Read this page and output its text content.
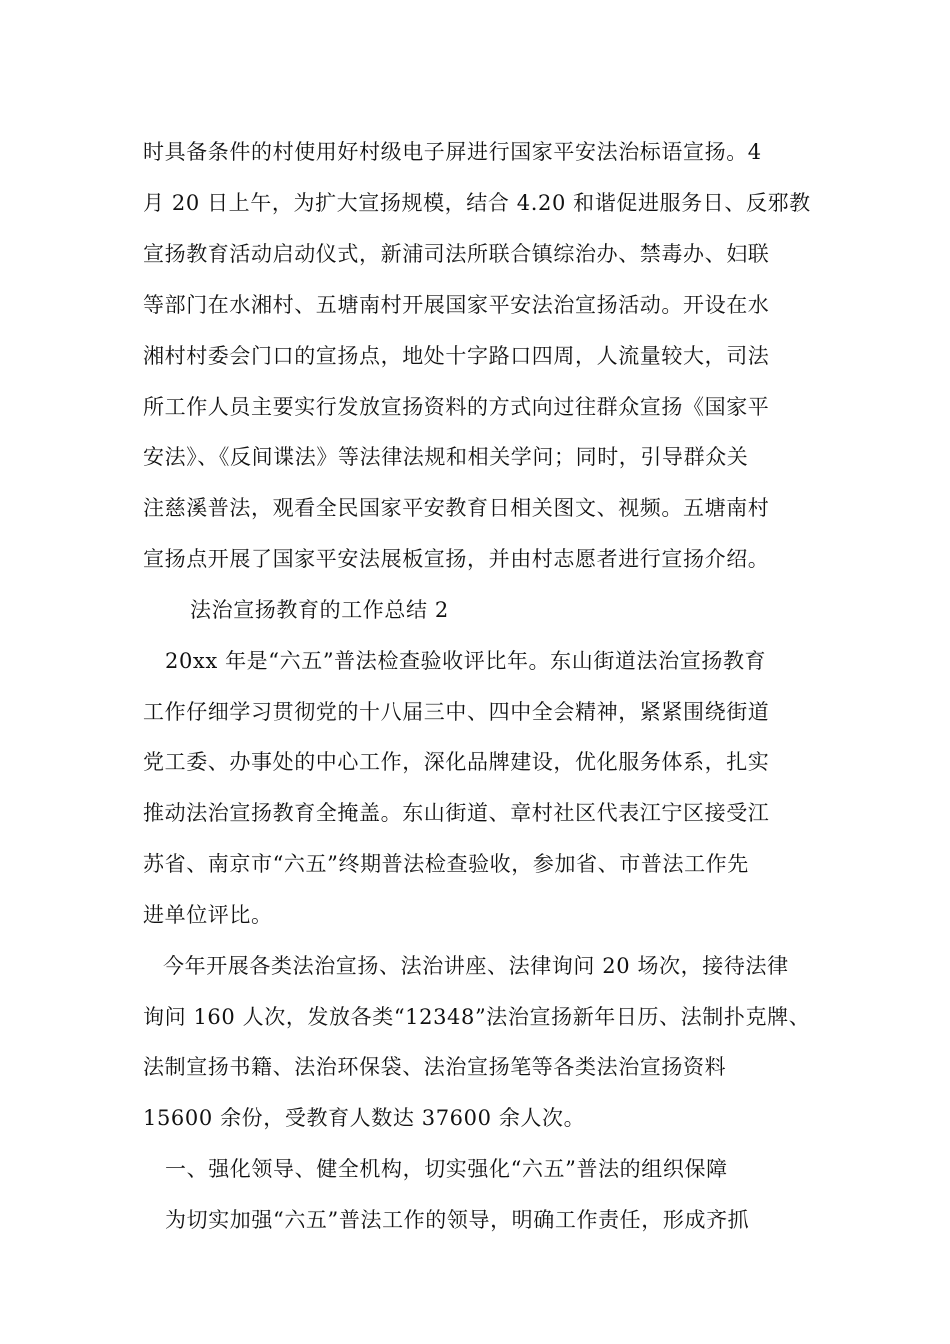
时具备条件的村使用好村级电子屏进行国家平安法治标语宣扬。4
月 20 日上午，为扩大宣扬规模，结合 4.20 和谐促进服务日、反邪教
宣扬教育活动启动仪式，新浦司法所联合镇综治办、禁毒办、妇联
等部门在水湘村、五塘南村开展国家平安法治宣扬活动。开设在水
湘村村委会门口的宣扬点，地处十字路口四周，人流量较大，司法
所工作人员主要实行发放宣扬资料的方式向过往群众宣扬《国家平
安法》、《反间谍法》等法律法规和相关学问；同时，引导群众关
注慈溪普法，观看全民国家平安教育日相关图文、视频。五塘南村
宣扬点开展了国家平安法展板宣扬，并由村志愿者进行宣扬介绍。
法治宣扬教育的工作总结 2
20xx 年是“六五”普法检查验收评比年。东山街道法治宣扬教育
工作仔细学习贯彻党的十八届三中、四中全会精神，紧紧围绕街道
党工委、办事处的中心工作，深化品牌建设，优化服务体系，扎实
推动法治宣扬教育全掩盖。东山街道、章村社区代表江宁区接受江
苏省、南京市“六五”终期普法检查验收，参加省、市普法工作先
进单位评比。
今年开展各类法治宣扬、法治讲座、法律询问 20 场次，接待法律
询问 160 人次，发放各类“12348”法治宣扬新年日历、法制扑克牌、
法制宣扬书籍、法治环保袋、法治宣扬笔等各类法治宣扬资料
15600 余份，受教育人数达 37600 余人次。
一、强化领导、健全机构，切实强化“六五”普法的组织保障
为切实加强“六五”普法工作的领导，明确工作责任，形成齐抓
